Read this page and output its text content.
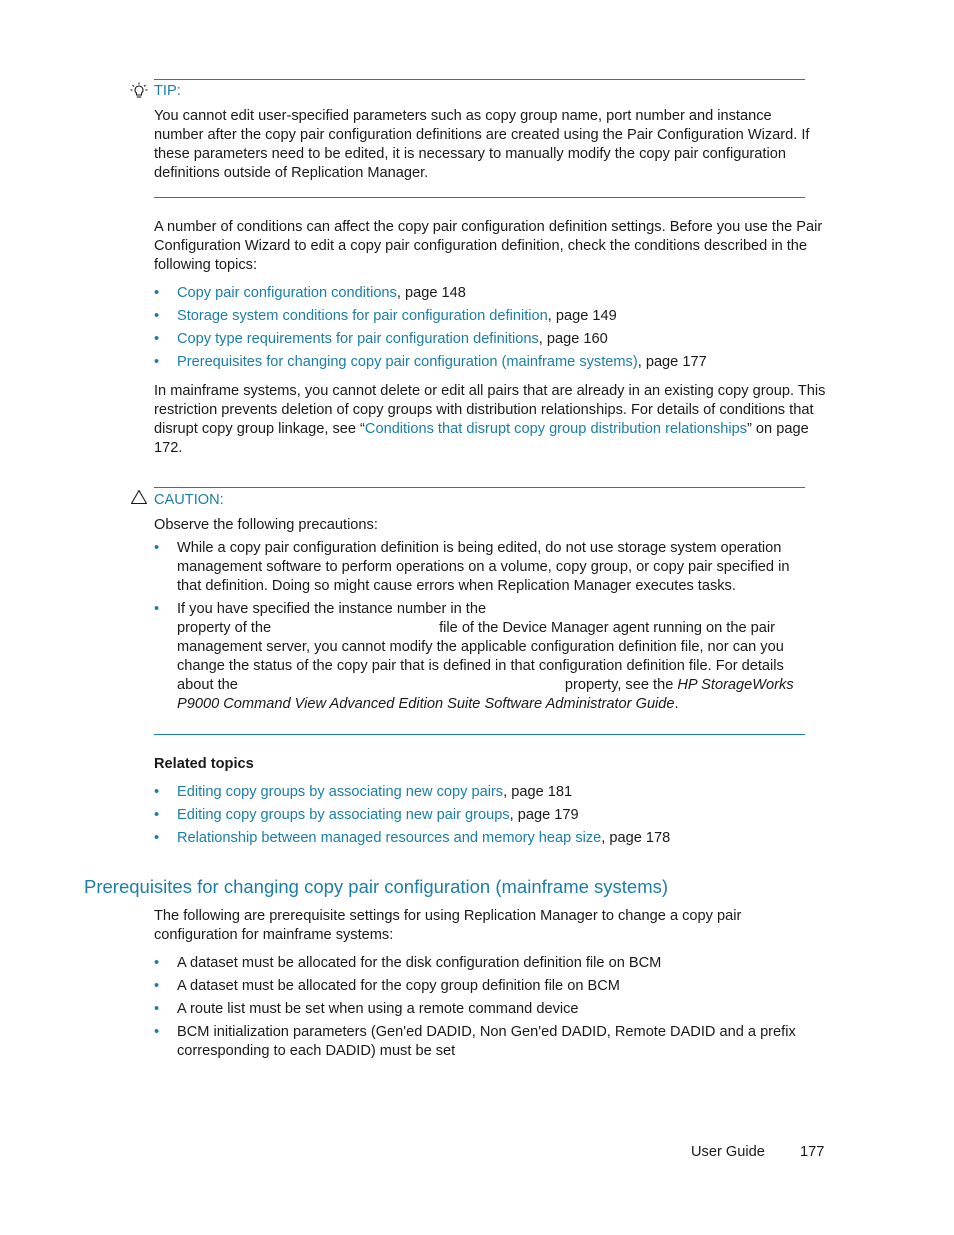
TIP:
You cannot edit user-specified parameters such as copy group name, port number and instance number after the copy pair configuration definitions are created using the Pair Configuration Wizard. If these parameters need to be edited, it is necessary to manually modify the copy pair configuration definitions outside of Replication Manager.
A number of conditions can affect the copy pair configuration definition settings. Before you use the Pair Configuration Wizard to edit a copy pair configuration definition, check the conditions described in the following topics:
• Copy pair configuration conditions, page 148
• Storage system conditions for pair configuration definition, page 149
• Copy type requirements for pair configuration definitions, page 160
• Prerequisites for changing copy pair configuration (mainframe systems), page 177
In mainframe systems, you cannot delete or edit all pairs that are already in an existing copy group. This restriction prevents deletion of copy groups with distribution relationships. For details of conditions that disrupt copy group linkage, see “Conditions that disrupt copy group distribution relationships” on page 172.
CAUTION:
Observe the following precautions:
• While a copy pair configuration definition is being edited, do not use storage system operation management software to perform operations on a volume, copy group, or copy pair specified in that definition. Doing so might cause errors when Replication Manager executes tasks.
• If you have specified the instance number in the
property of the	file of the Device Manager agent running on the pair management server, you cannot modify the applicable configuration definition file, nor can you change the status of the copy pair that is defined in that configuration definition file. For details about the	property, see the HP StorageWorks P9000 Command View Advanced Edition Suite Software Administrator Guide.
Related topics
• Editing copy groups by associating new copy pairs, page 181
• Editing copy groups by associating new pair groups, page 179
• Relationship between managed resources and memory heap size, page 178
Prerequisites for changing copy pair configuration (mainframe systems)
The following are prerequisite settings for using Replication Manager to change a copy pair configuration for mainframe systems:
• A dataset must be allocated for the disk configuration definition file on BCM
• A dataset must be allocated for the copy group definition file on BCM
• A route list must be set when using a remote command device
• BCM initialization parameters (Gen'ed DADID, Non Gen'ed DADID, Remote DADID and a prefix corresponding to each DADID) must be set
User Guide 177
